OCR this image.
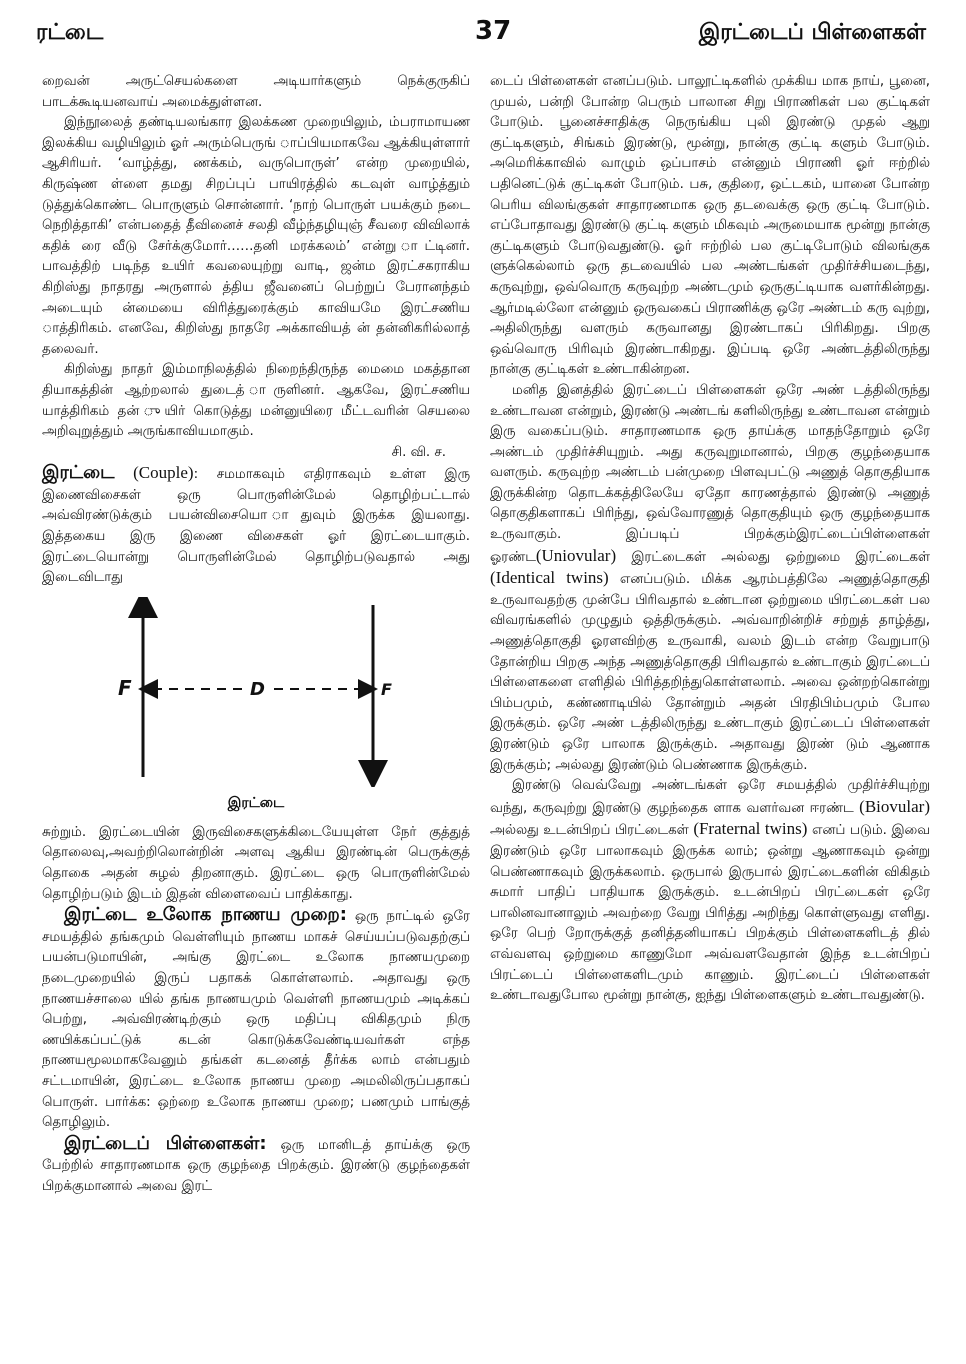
ரட்டை	37	இரட்டைப் பிள்ளைகள்

றைவன் அருட்செயல்களை அடியார்களும் நெக்குருகிப் பாடக்கூடியனவாய் அமைக்துள்ளன.

இந்நூலைத் தண்டியலங்கார இலக்கண முறையிலும், ம்பராமாயண இலக்கிய வழியிலும் ஓர் அரும்பெருங் ாப்பியமாகவே ஆக்கியுள்ளார் ஆசிரியர். ‘வாழ்த்து, ணக்கம், வருபொருள்’ என்ற முறையில், கிருஷ்ண ள்ளை தமது சிறப்புப் பாயிரத்தில் கடவுள் வாழ்த்தும் டுத்துக்கொண்ட பொருளும் சொன்னார். ‘நாற் பொருள் பயக்கும் நடை நெறித்தாகி’ என்பதைத் தீவினைச் சலதி வீழ்ந்தழியுஞ் சீவரை விவிலாக் கதிக் ரை வீடு சேர்க்குமோர்……தனி மரக்கலம்’ என்று ாட்டினர். பாவத்திற் படிந்த உயிர் கவலையுற்று வாடி, ஜன்ம இரட்சகராகிய கிறிஸ்து நாதரது அருளால் த்திய ஜீவனைப் பெற்றுப் பேரானந்தம் அடையும் ன்மையை விரித்துரைக்கும் காவியமே இரட்சணிய ாத்திரிகம். எனவே, கிறிஸ்து நாதரே அக்காவியத் ன் தன்னிகரில்லாத் தலைவர்.

கிறிஸ்து நாதர் இம்மாநிலத்தில் நிறைந்திருந்த மைமை மகத்தான தியாகத்தின் ஆற்றலால் துடைத் ாருளினர். ஆகவே, இரட்சணிய யாத்திரிகம் தன் ுயிர் கொடுத்து மன்னுயிரை மீட்டவரின் செயலை அறிவுறுத்தும் அருங்காவியமாகும்.

சி. வி. ச.

இரட்டை (Couple): சமமாகவும் எதிராகவும் உள்ள இரு இணைவிசைகள் ஒரு பொருளின்மேல் தொழிற்பட்டால் அவ்விரண்டுக்கும் பயன்விசையொ ாதுவும் இருக்க இயலாது. இத்தகைய இரு இணை விசைகள் ஓர் இரட்டையாகும். இரட்டையொன்று பொருளின்மேல் தொழிற்படுவதால் அது இடைவிடாது

F	D	F
இரட்டை

சுற்றும். இரட்டையின் இருவிசைகளுக்கிடையேயுள்ள நேர் குத்துத் தொலைவு,அவற்றிலொன்றின் அளவு ஆகிய இரண்டின் பெருக்குத் தொகை அதன் சுழல் திறனாகும். இரட்டை ஒரு பொருளின்மேல் தொழிற்படும் இடம் இதன் விளைவைப் பாதிக்காது.

இரட்டை உலோக நாணய முறை: ஒரு நாட்டில் ஒரே சமயத்தில் தங்கமும் வெள்ளியும் நாணய மாகச் செய்யப்படுவதற்குப் பயன்படுமாயின், அங்கு இரட்டை உலோக நாணயமுறை நடைமுறையில் இருப் பதாகக் கொள்ளலாம். அதாவது ஒரு நாணயச்சாலை யில் தங்க நாணயமும் வெள்ளி நாணயமும் அடிக்கப் பெற்று, அவ்விரண்டிற்கும் ஒரு மதிப்பு விகிதமும் நிரு ணயிக்கப்பட்டுக் கடன் கொடுக்கவேண்டியவர்கள் எந்த நாணயமூலமாகவேனும் தங்கள் கடனைத் தீர்க்க லாம் என்பதும் சட்டமாயின், இரட்டை உலோக நாணய முறை அமலிலிருப்பதாகப் பொருள். பார்க்க: ஒற்றை உலோக நாணய முறை; பணமும் பாங்குத் தொழிலும்.

இரட்டைப் பிள்ளைகள்: ஒரு மானிடத் தாய்க்கு ஒரு பேற்றில் சாதாரணமாக ஒரு குழந்தை பிறக்கும். இரண்டு குழந்தைகள் பிறக்குமானால் அவை இரட்

டைப் பிள்ளைகள் எனப்படும். பாலூட்டிகளில் முக்கிய மாக நாய், பூனை, முயல், பன்றி போன்ற பெரும் பாலான சிறு பிராணிகள் பல குட்டிகள் போடும். பூனைச்சாதிக்கு நெருங்கிய புலி இரண்டு முதல் ஆறு குட்டிகளும், சிங்கம் இரண்டு, மூன்று, நான்கு குட்டி களும் போடும். அமெரிக்காவில் வாழும் ஒப்பாசம் என்னும் பிராணி ஓர் ஈற்றில் பதினெட்டுக் குட்டிகள் போடும். பசு, குதிரை, ஒட்டகம், யானை போன்ற பெரிய விலங்குகள் சாதாரணமாக ஒரு தடவைக்கு ஒரு குட்டி போடும். எப்போதாவது இரண்டு குட்டி களும் மிகவும் அருமையாக மூன்று நான்கு குட்டிகளும் போடுவதுண்டு. ஓர் ஈற்றில் பல குட்டிபோடும் விலங்குக ளுக்கெல்லாம் ஒரு தடவையில் பல அண்டங்கள் முதிர்ச்சியடைந்து, கருவுற்று, ஒவ்வொரு கருவுற்ற அண்டமும் ஒருகுட்டியாக வளர்கின்றது. ஆர்மடில்லோ என்னும் ஒருவகைப் பிராணிக்கு ஒரே அண்டம் கரு வுற்று, அதிலிருந்து வளரும் கருவானது இரண்டாகப் பிரிகிறது. பிறகு ஒவ்வொரு பிரிவும் இரண்டாகிறது. இப்படி ஒரே அண்டத்திலிருந்து நான்கு குட்டிகள் உண்டாகின்றன.

மனித இனத்தில் இரட்டைப் பிள்ளைகள் ஒரே அண் டத்திலிருந்து உண்டாவன என்றும், இரண்டு அண்டங் களிலிருந்து உண்டாவன என்றும் இரு வகைப்படும். சாதாரணமாக ஒரு தாய்க்கு மாதந்தோறும் ஒரே அண்டம் முதிர்ச்சியுறும். அது கருவுறுமானால், பிறகு குழந்தையாக வளரும். கருவுற்ற அண்டம் பன்முறை பிளவுபட்டு அணுத் தொகுதியாக இருக்கின்ற தொடக்கத்திலேயே ஏதோ காரணத்தால் இரண்டு அணுத் தொகுதிகளாகப் பிரிந்து, ஒவ்வோரணுத் தொகுதியும் ஒரு குழந்தையாக உருவாகும். இப்படிப் பிறக்கும்இரட்டைப்பிள்ளைகள் ஓரண்ட(Uniovular) இரட்டைகள் அல்லது ஒற்றுமை இரட்டைகள் (Identical twins) எனப்படும். மிக்க ஆரம்பத்திலே அணுத்தொகுதி உருவாவதற்கு முன்பே பிரிவதால் உண்டான ஒற்றுமை யிரட்டைகள் பல விவரங்களில் முழுதும் ஒத்திருக்கும். அவ்வாறின்றிச் சற்றுத் தாழ்த்து, அணுத்தொகுதி ஓரளவிற்கு உருவாகி, வலம் இடம் என்ற வேறுபாடு தோன்றிய பிறகு அந்த அணுத்தொகுதி பிரிவதால் உண்டாகும் இரட்டைப் பிள்ளைகளை எளிதில் பிரித்தறிந்துகொள்ளலாம். அவை ஒன்றற்கொன்று பிம்பமும், கண்ணாடியில் தோன்றும் அதன் பிரதிபிம்பமும் போல இருக்கும். ஒரே அண் டத்திலிருந்து உண்டாகும் இரட்டைப் பிள்ளைகள் இரண்டும் ஒரே பாலாக இருக்கும். அதாவது இரண் டும் ஆணாக இருக்கும்; அல்லது இரண்டும் பெண்ணாக இருக்கும்.

இரண்டு வெவ்வேறு அண்டங்கள் ஒரே சமயத்தில் முதிர்ச்சியுற்று வந்து, கருவுற்று இரண்டு குழந்தைக ளாக வளர்வன ஈரண்ட (Biovular) அல்லது உடன்பிறப் பிரட்டைகள் (Fraternal twins) எனப் படும். இவை இரண்டும் ஒரே பாலாகவும் இருக்க லாம்; ஒன்று ஆணாகவும் ஒன்று பெண்ணாகவும் இருக்கலாம். ஒருபால் இருபால் இரட்டைகளின் விகிதம் சுமார் பாதிப் பாதியாக இருக்கும். உடன்பிறப் பிரட்டைகள் ஒரே பாலினவானாலும் அவற்றை வேறு பிரித்து அறிந்து கொள்ளுவது எளிது. ஒரே பெற் றோருக்குத் தனித்தனியாகப் பிறக்கும் பிள்ளைகளிடத் தில் எவ்வளவு ஒற்றுமை காணுமோ அவ்வளவேதான் இந்த உடன்பிறப் பிரட்டைப் பிள்ளைகளிடமும் காணும். இரட்டைப் பிள்ளைகள் உண்டாவதுபோல மூன்று நான்கு, ஐந்து பிள்ளைகளும் உண்டாவதுண்டு.
